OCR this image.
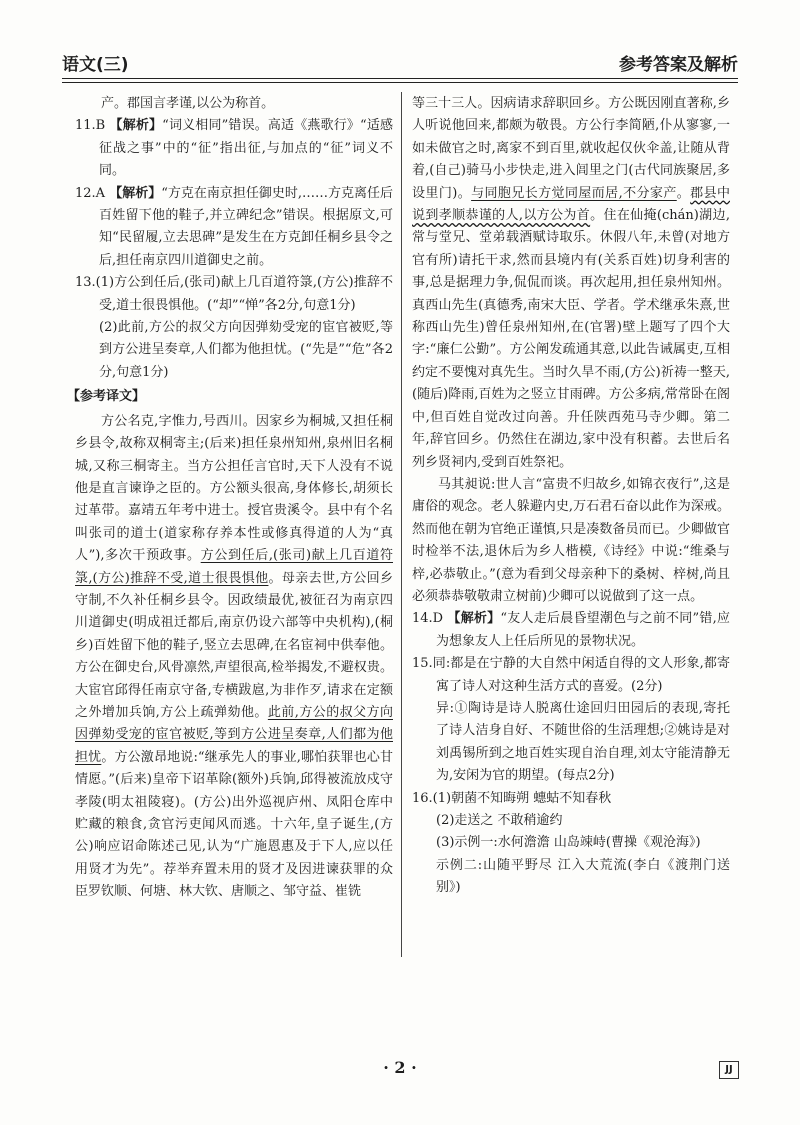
语文(三)	参考答案及解析

产。郡国言孝谨,以公为称首。

11.B 【解析】“词义相同”错误。高适《燕歌行》“适感征战之事”中的“征”指出征,与加点的“征”词义不同。

12.A 【解析】“方克在南京担任御史时,……方克离任后百姓留下他的鞋子,并立碑纪念”错误。根据原文,可知“民留履,立去思碑”是发生在方克卸任桐乡县令之后,担任南京四川道御史之前。

13.(1)方公到任后,(张司)献上几百道符箓,(方公)推辞不受,道士很畏惧他。(“却”“惮”各2分,句意1分)

(2)此前,方公的叔父方向因弹劾受宠的宦官被贬,等到方公进呈奏章,人们都为他担忧。(“先是”“危”各2分,句意1分)

【参考译文】

方公名克,字惟力,号西川。因家乡为桐城,又担任桐乡县令,故称双桐寄主;(后来)担任泉州知州,泉州旧名桐城,又称三桐寄主。当方公担任言官时,天下人没有不说他是直言谏诤之臣的。方公额头很高,身体修长,胡须长过革带。嘉靖五年考中进士。授官贵溪令。县中有个名叫张司的道士(道家称存养本性或修真得道的人为“真人”),多次干预政事。方公到任后,(张司)献上几百道符箓,(方公)推辞不受,道士很畏惧他。母亲去世,方公回乡守制,不久补任桐乡县令。因政绩最优,被征召为南京四川道御史(明成祖迁都后,南京仍设六部等中央机构),(桐乡)百姓留下他的鞋子,竖立去思碑,在名宦祠中供奉他。方公在御史台,风骨凛然,声望很高,检举揭发,不避权贵。大宦官邱得任南京守备,专横跋扈,为非作歹,请求在定额之外增加兵饷,方公上疏弹劾他。此前,方公的叔父方向因弹劾受宠的宦官被贬,等到方公进呈奏章,人们都为他担忧。方公激昂地说:“继承先人的事业,哪怕获罪也心甘情愿。”(后来)皇帝下诏革除(额外)兵饷,邱得被流放戍守孝陵(明太祖陵寝)。(方公)出外巡视庐州、凤阳仓库中贮藏的粮食,贪官污吏闻风而逃。十六年,皇子诞生,(方公)响应诏命陈述己见,认为“广施恩惠及于下人,应以任用贤才为先”。荐举弃置未用的贤才及因进谏获罪的众臣罗钦顺、何塘、林大钦、唐顺之、邹守益、崔铣

等三十三人。因病请求辞职回乡。方公既因刚直著称,乡人听说他回来,都颇为敬畏。方公行李简陋,仆从寥寥,一如未做官之时,离家不到百里,就收起仅伙伞盖,让随从背着,(自己)骑马小步快走,进入闾里之门(古代同族聚居,多设里门)。与同胞兄长方觉同屋而居,不分家产。郡县中说到孝顺恭谨的人,以方公为首。住在仙掩(chán)湖边,常与堂兄、堂弟载酒赋诗取乐。休假八年,未曾(对地方官有所)请托干求,然而县境内有(关系百姓)切身利害的事,总是据理力争,侃侃而谈。再次起用,担任泉州知州。真西山先生(真德秀,南宋大臣、学者。学术继承朱熹,世称西山先生)曾任泉州知州,在(官署)壁上题写了四个大字:“廉仁公勤”。方公阐发疏通其意,以此告诫属吏,互相约定不要愧对真先生。当时久旱不雨,(方公)祈祷一整天,(随后)降雨,百姓为之竖立甘雨碑。方公多病,常常卧在阁中,但百姓自觉改过向善。升任陕西苑马寺少卿。第二年,辞官回乡。仍然住在湖边,家中没有积蓄。去世后名列乡贤祠内,受到百姓祭祀。

马其昶说:世人言“富贵不归故乡,如锦衣夜行”,这是庸俗的观念。老人躲避内史,万石君石奋以此作为深戒。然而他在朝为官绝正谨慎,只是凑数备员而已。少卿做官时检举不法,退休后为乡人楷模,《诗经》中说:“维桑与梓,必恭敬止。”(意为看到父母亲种下的桑树、梓树,尚且必须恭恭敬敬肃立树前)少卿可以说做到了这一点。

14.D 【解析】“友人走后晨昏望潮色与之前不同”错,应为想象友人上任后所见的景物状况。

15.同:都是在宁静的大自然中闲适自得的文人形象,都寄寓了诗人对这种生活方式的喜爱。(2分)

异:①陶诗是诗人脱离仕途回归田园后的表现,寄托了诗人洁身自好、不随世俗的生活理想;②姚诗是对刘禹锡所到之地百姓实现自治自理,刘太守能清静无为,安闲为官的期望。(每点2分)

16.(1)朝菌不知晦朔 蟪蛄不知春秋

(2)走送之 不敢稍逾约

(3)示例一:水何澹澹 山岛竦峙(曹操《观沧海》)

示例二:山随平野尽 江入大荒流(李白《渡荆门送别》)

· 2 ·	JJ
